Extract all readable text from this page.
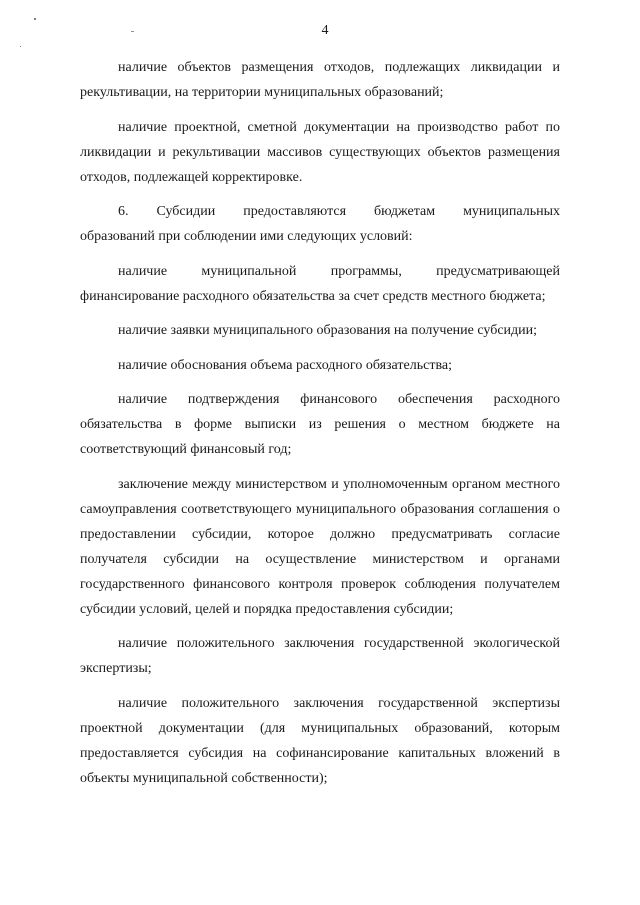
4

наличие объектов размещения отходов, подлежащих ликвидации и рекультивации, на территории муниципальных образований;

наличие проектной, сметной документации на производство работ по ликвидации и рекультивации массивов существующих объектов размещения отходов, подлежащей корректировке.

6.  Субсидии предоставляются бюджетам муниципальных образований при соблюдении ими следующих условий:

наличие муниципальной программы, предусматривающей финансирование расходного обязательства за счет средств местного бюджета;

наличие заявки муниципального образования на получение субсидии;

наличие обоснования объема расходного обязательства;

наличие подтверждения финансового обеспечения расходного обязательства в форме выписки из решения о местном бюджете на соответствующий финансовый год;

заключение между министерством и уполномоченным органом местного самоуправления соответствующего муниципального образования соглашения о предоставлении субсидии, которое должно предусматривать согласие получателя субсидии на осуществление министерством и органами государственного финансового контроля проверок соблюдения получателем субсидии условий, целей и порядка предоставления субсидии;

наличие положительного заключения государственной экологической экспертизы;

наличие положительного заключения государственной экспертизы проектной документации (для муниципальных образований, которым предоставляется субсидия на софинансирование капитальных вложений в объекты муниципальной собственности);
